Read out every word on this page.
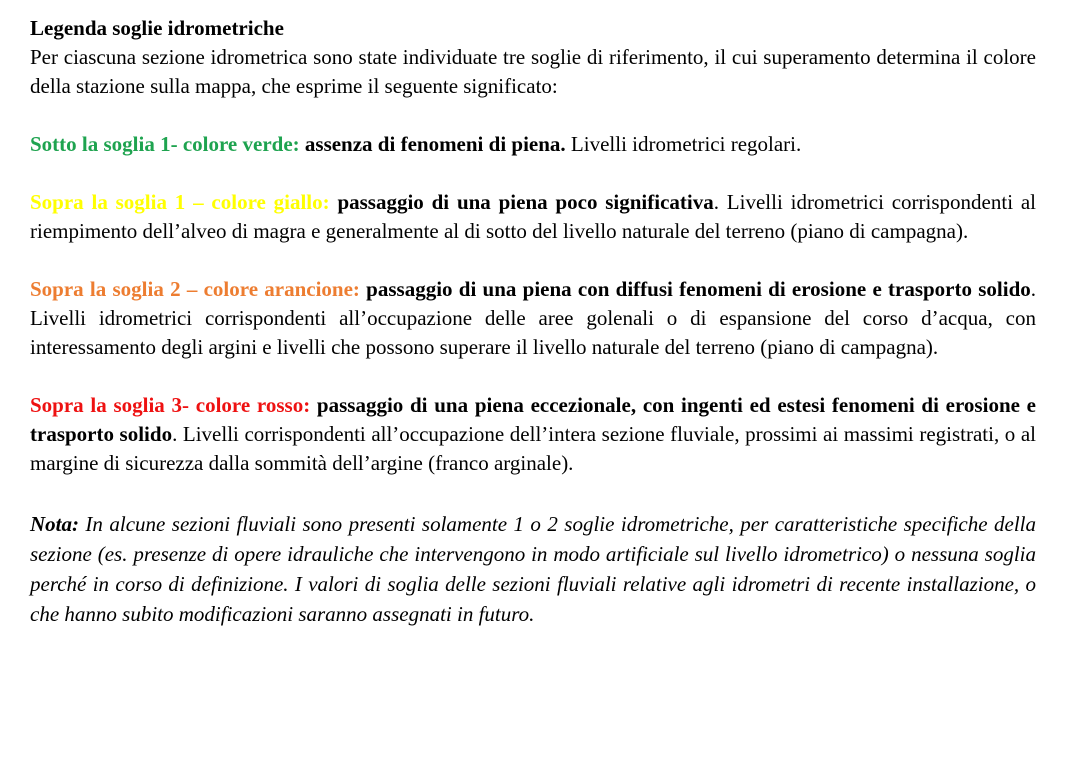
Legenda soglie idrometriche

Per ciascuna sezione idrometrica sono state individuate tre soglie di riferimento, il cui superamento determina il colore della stazione sulla mappa, che esprime il seguente significato:

Sotto la soglia 1- colore verde: assenza di fenomeni di piena. Livelli idrometrici regolari.

Sopra la soglia 1 – colore giallo: passaggio di una piena poco significativa. Livelli idrometrici corrispondenti al riempimento dell’alveo di magra e generalmente al di sotto del livello naturale del terreno (piano di campagna).

Sopra la soglia 2 – colore arancione: passaggio di una piena con diffusi fenomeni di erosione e trasporto solido. Livelli idrometrici corrispondenti all’occupazione delle aree golenali o di espansione del corso d’acqua, con interessamento degli argini e livelli che possono superare il livello naturale del terreno (piano di campagna).

Sopra la soglia 3- colore rosso: passaggio di una piena eccezionale, con ingenti ed estesi fenomeni di erosione e trasporto solido. Livelli corrispondenti all’occupazione dell’intera sezione fluviale, prossimi ai massimi registrati, o al margine di sicurezza dalla sommità dell’argine (franco arginale).

Nota: In alcune sezioni fluviali sono presenti solamente 1 o 2 soglie idrometriche, per caratteristiche specifiche della sezione (es. presenze di opere idrauliche che intervengono in modo artificiale sul livello idrometrico) o nessuna soglia perché in corso di definizione. I valori di soglia delle sezioni fluviali relative agli idrometri di recente installazione, o che hanno subito modificazioni saranno assegnati in futuro.
